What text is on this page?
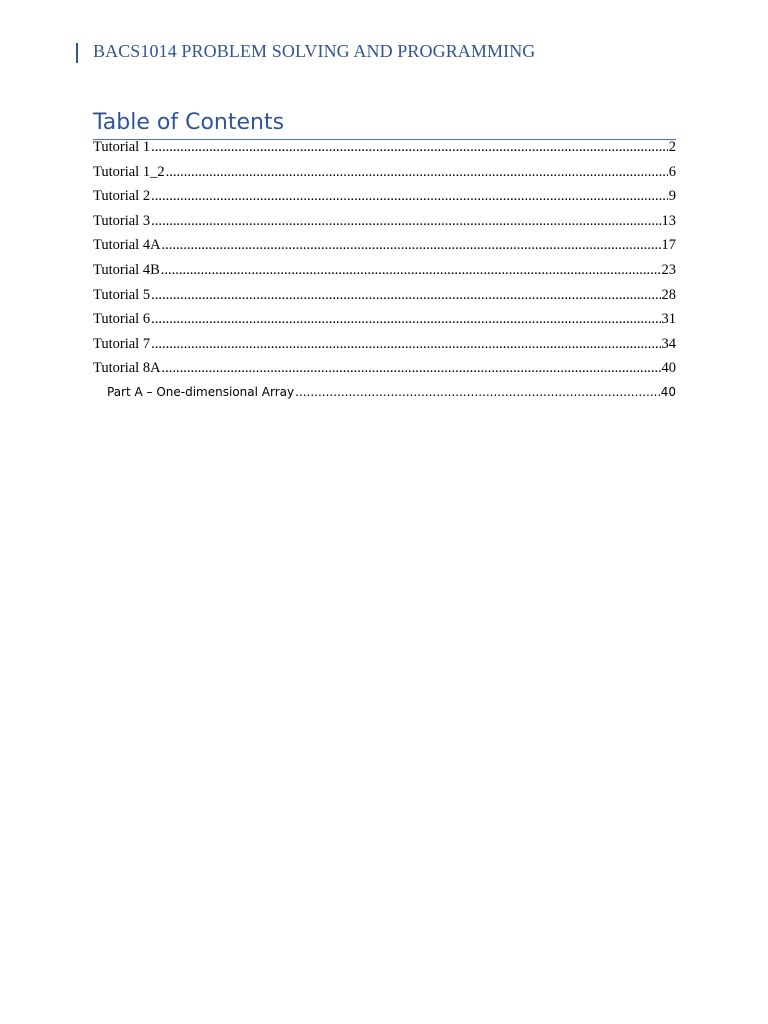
BACS1014 PROBLEM SOLVING AND PROGRAMMING
Table of Contents
Tutorial 1 .....	2
Tutorial 1_2 .....	6
Tutorial 2 .....	9
Tutorial 3 .....	13
Tutorial 4A .....	17
Tutorial 4B .....	23
Tutorial 5 .....	28
Tutorial 6 .....	31
Tutorial 7 .....	34
Tutorial 8A .....	40
Part A – One-dimensional Array .....	40
